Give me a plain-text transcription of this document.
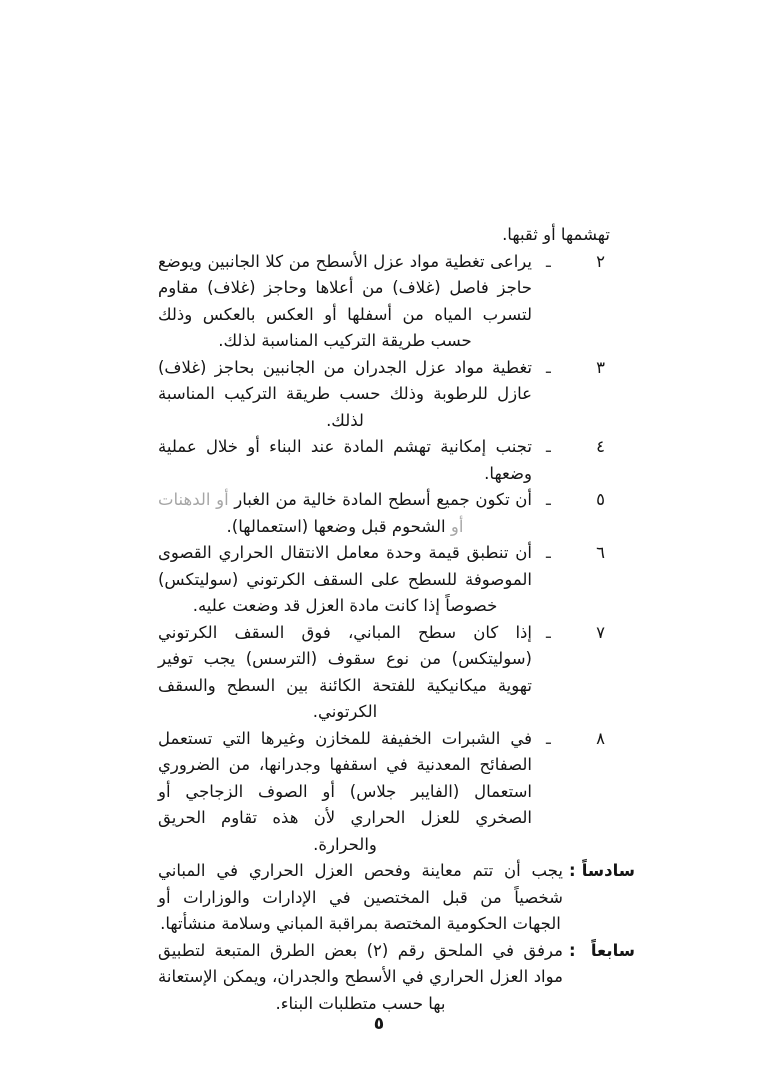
تهشمها أو ثقبها.
٢
ـ
يراعى تغطية مواد عزل الأسطح من كلا الجانبين ويوضع حاجز فاصل (غلاف) من أعلاها وحاجز (غلاف) مقاوم لتسرب المياه من أسفلها أو العكس بالعكس وذلك حسب طريقة التركيب المناسبة لذلك.
٣
ـ
تغطية مواد عزل الجدران من الجانبين بحاجز (غلاف) عازل للرطوبة وذلك حسب طريقة التركيب المناسبة لذلك.
٤
ـ
تجنب إمكانية تهشم المادة عند البناء أو خلال عملية وضعها.
٥
ـ
أن تكون جميع أسطح المادة خالية من الغبار أو الدهنات أو الشحوم قبل وضعها (استعمالها).
٦
ـ
أن تنطبق قيمة وحدة معامل الانتقال الحراري القصوى الموصوفة للسطح على السقف الكرتوني (سوليتكس) خصوصاً إذا كانت مادة العزل قد وضعت عليه.
٧
ـ
إذا كان سطح المباني، فوق السقف الكرتوني (سوليتكس) من نوع سقوف (الترسس) يجب توفير تهوية ميكانيكية للفتحة الكائنة بين السطح والسقف الكرتوني.
٨
ـ
في الشبرات الخفيفة للمخازن وغيرها التي تستعمل الصفائح المعدنية في اسقفها وجدرانها، من الضروري استعمال (الفايبر جلاس) أو الصوف الزجاجي أو الصخري للعزل الحراري لأن هذه تقاوم الحريق والحرارة.
سادساً
:
يجب أن تتم معاينة وفحص العزل الحراري في المباني شخصياً من قبل المختصين في الإدارات والوزارات أو الجهات الحكومية المختصة بمراقبة المباني وسلامة منشأتها.
سابعاً
:
مرفق في الملحق رقم (٢) بعض الطرق المتبعة لتطبيق مواد العزل الحراري في الأسطح والجدران، ويمكن الإستعانة بها حسب متطلبات البناء.
٥
